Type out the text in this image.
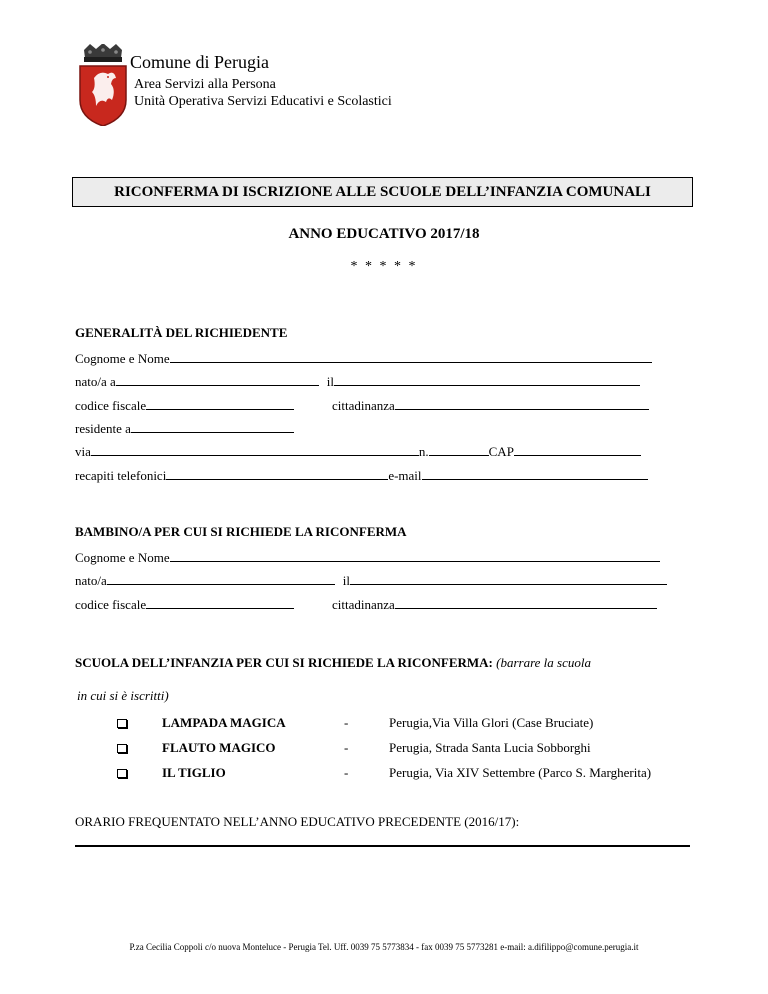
Comune di Perugia
Area Servizi alla Persona
Unità Operativa Servizi Educativi e Scolastici
RICONFERMA DI ISCRIZIONE ALLE SCUOLE DELL’INFANZIA COMUNALI
ANNO EDUCATIVO 2017/18
* * * * *
GENERALITÀ DEL RICHIEDENTE
Cognome e Nome
nato/a a	il
codice fiscale	cittadinanza
residente a
via	n.	CAP
recapiti telefonici	e-mail
BAMBINO/A PER CUI SI RICHIEDE LA RICONFERMA
Cognome e Nome
nato/a	il
codice fiscale	cittadinanza
SCUOLA DELL’INFANZIA PER CUI SI RICHIEDE LA RICONFERMA: (barrare la scuola
in cui si è iscritti)
LAMPADA MAGICA	-	Perugia,Via Villa Glori (Case Bruciate)
FLAUTO MAGICO	-	Perugia, Strada Santa Lucia Sobborghi
IL TIGLIO	-	Perugia, Via XIV Settembre (Parco S. Margherita)
ORARIO FREQUENTATO NELL’ANNO EDUCATIVO PRECEDENTE (2016/17):
P.za Cecilia Coppoli c/o nuova Monteluce - Perugia Tel. Uff. 0039 75 5773834 - fax 0039 75 5773281 e-mail: a.difilippo@comune.perugia.it
